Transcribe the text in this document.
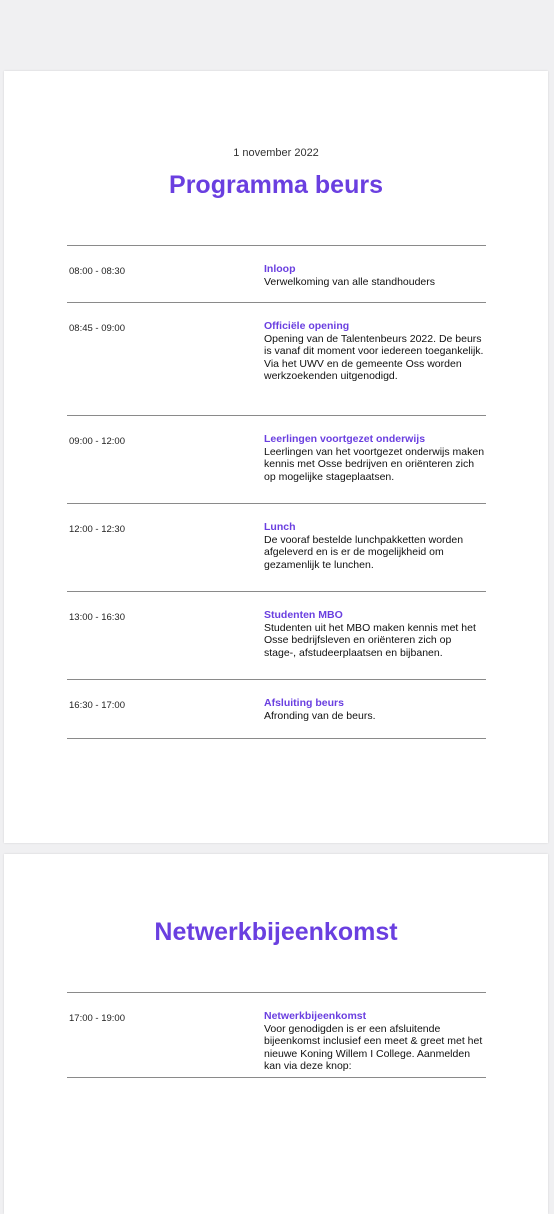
1 november 2022
Programma beurs
08:00 - 08:30	Inloop
Verwelkoming van alle standhouders
08:45 - 09:00	Officiële opening
Opening van de Talentenbeurs 2022. De beurs is vanaf dit moment voor iedereen toegankelijk. Via het UWV en de gemeente Oss worden werkzoekenden uitgenodigd.
09:00 - 12:00	Leerlingen voortgezet onderwijs
Leerlingen van het voortgezet onderwijs maken kennis met Osse bedrijven en oriënteren zich op mogelijke stageplaatsen.
12:00 - 12:30	Lunch
De vooraf bestelde lunchpakketten worden afgeleverd en is er de mogelijkheid om gezamenlijk te lunchen.
13:00 - 16:30	Studenten MBO
Studenten uit het MBO maken kennis met het Osse bedrijfsleven en oriënteren zich op stage-, afstudeerplaatsen en bijbanen.
16:30 - 17:00	Afsluiting beurs
Afronding van de beurs.
Netwerkbijeenkomst
17:00 - 19:00	Netwerkbijeenkomst
Voor genodigden is er een afsluitende bijeenkomst inclusief een meet & greet met het nieuwe Koning Willem I College. Aanmelden kan via deze knop:
